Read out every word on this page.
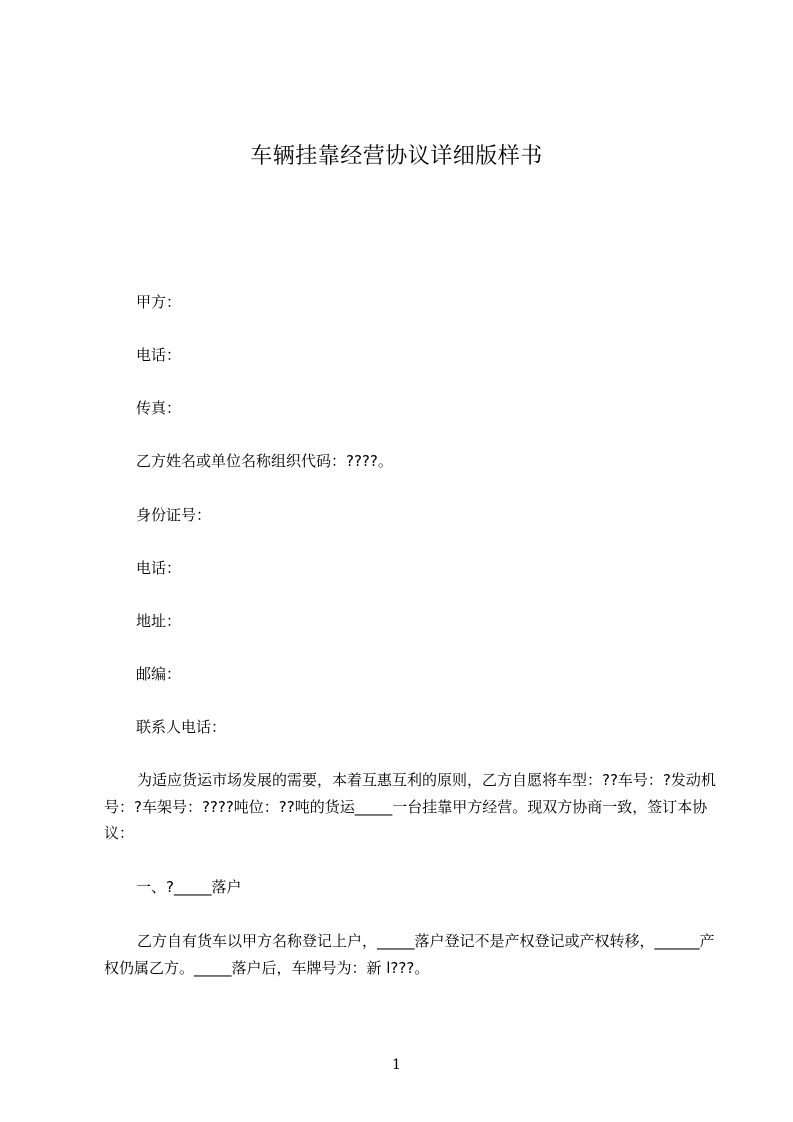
车辆挂靠经营协议详细版样书
甲方：
电话：
传真：
乙方姓名或单位名称组织代码：????。
身份证号：
电话：
地址：
邮编：
联系人电话：
为适应货运市场发展的需要，本着互惠互利的原则，乙方自愿将车型：??车号：?发动机号：?车架号：????吨位：??吨的货运_____一台挂靠甲方经营。现双方协商一致，签订本协议：
一、?_____落户
乙方自有货车以甲方名称登记上户，_____落户登记不是产权登记或产权转移，______产权仍属乙方。_____落户后，车牌号为：新 l???。
1
